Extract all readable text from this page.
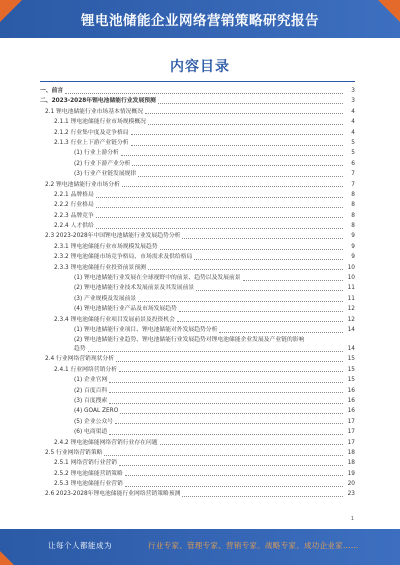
锂电池储能企业网络营销策略研究报告
内容目录
一、前言	3
二、2023-2028年锂电池储能行业发展预测	3
2.1 锂电池储能行业市场基本情况概况	4
2.1.1 锂电池储能行业市场规模概况	4
2.1.2 行业集中度及竞争格局	4
2.1.3 行业上下游产业链分析	5
(1) 行业上游分析	5
(2) 行业下游产业分析	6
(3) 行业产业链发展规律	7
2.2 锂电池储能行业市场分析	7
2.2.1 品牌格局	8
2.2.2 行业格局	8
2.2.3 品牌竞争	8
2.2.4 人才供给	8
2.3 2023-2028年中国锂电池储能行业发展趋势分析	9
2.3.1 锂电池储能行业市场规模发展趋势	9
2.3.2 锂电池储能市场竞争格局、市场需求及供给格局	9
2.3.3 锂电池储能行业投资前景预测	10
(1) 锂电池储能行业发展在全球视野中的前景、趋势以及发展前景	10
(2) 锂电池储能行业技术发展前景及其发展前景	11
(3) 产业规模及发展前景	11
(4) 锂电池储能行业产品及市场发展趋势	12
2.3.4 锂电池储能行业项目发展前景及投资机会	12
(1) 锂电池储能行业项目、锂电池储能对外发展趋势分析	14
(2) 锂电池储能行业趋势、锂电池储能行业发展趋势对锂电池储能企业发展及产业链的影响
趋势	14
2.4 行业网络营销现状分析	15
2.4.1 行业网络营销分析	15
(1) 企业官网	15
(2) 百度百科	16
(3) 百度搜索	16
(4) GOAL ZERO	16
(5) 企业公众号	17
(6) 电商渠道	17
2.4.2 锂电池储能网络营销行业存在问题	17
2.5 行业网络营销策略	18
2.5.1 网络营销行业营销	18
2.5.2 锂电池储能营销策略	19
2.5.3 锂电池储能行业营销	20
2.6 2023-2028年锂电池储能行业网络营销策略预测	23
1
让每个人都能成为	行业专家、管理专家、营销专家、战略专家、成功企业家……
